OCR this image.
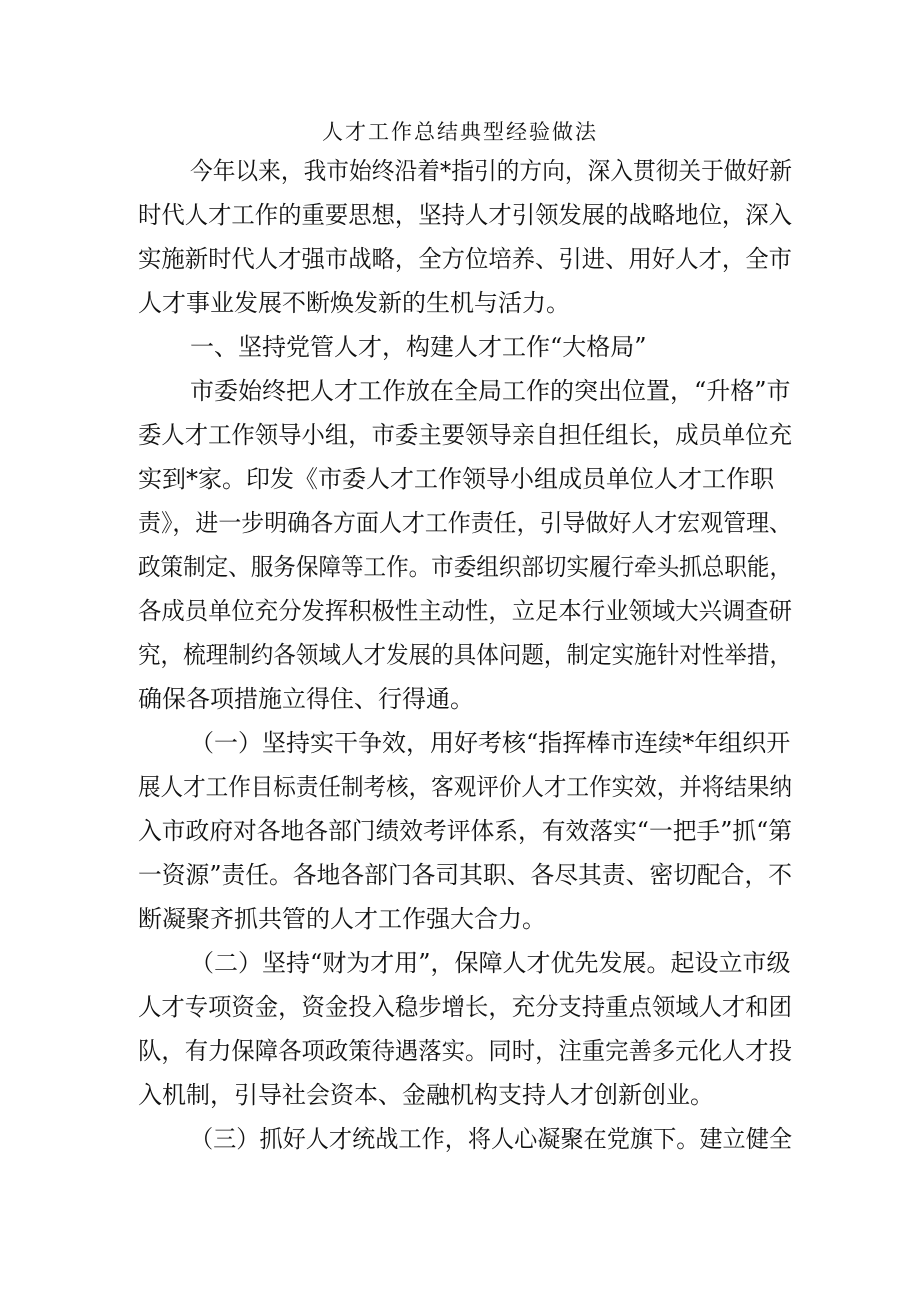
人才工作总结典型经验做法
今年以来，我市始终沿着*指引的方向，深入贯彻关于做好新
时代人才工作的重要思想，坚持人才引领发展的战略地位，深入
实施新时代人才强市战略，全方位培养、引进、用好人才，全市
人才事业发展不断焕发新的生机与活力。
一、坚持党管人才，构建人才工作“大格局”
市委始终把人才工作放在全局工作的突出位置，“升格”市
委人才工作领导小组，市委主要领导亲自担任组长，成员单位充
实到*家。印发《市委人才工作领导小组成员单位人才工作职
责》，进一步明确各方面人才工作责任，引导做好人才宏观管理、
政策制定、服务保障等工作。市委组织部切实履行牵头抓总职能，
各成员单位充分发挥积极性主动性，立足本行业领域大兴调查研
究，梳理制约各领域人才发展的具体问题，制定实施针对性举措，
确保各项措施立得住、行得通。
（一）坚持实干争效，用好考核“指挥棒市连续*年组织开
展人才工作目标责任制考核，客观评价人才工作实效，并将结果纳
入市政府对各地各部门绩效考评体系，有效落实“一把手”抓“第
一资源”责任。各地各部门各司其职、各尽其责、密切配合，不
断凝聚齐抓共管的人才工作强大合力。
（二）坚持“财为才用”，保障人才优先发展。起设立市级
人才专项资金，资金投入稳步增长，充分支持重点领域人才和团
队，有力保障各项政策待遇落实。同时，注重完善多元化人才投
入机制，引导社会资本、金融机构支持人才创新创业。
（三）抓好人才统战工作，将人心凝聚在党旗下。建立健全
